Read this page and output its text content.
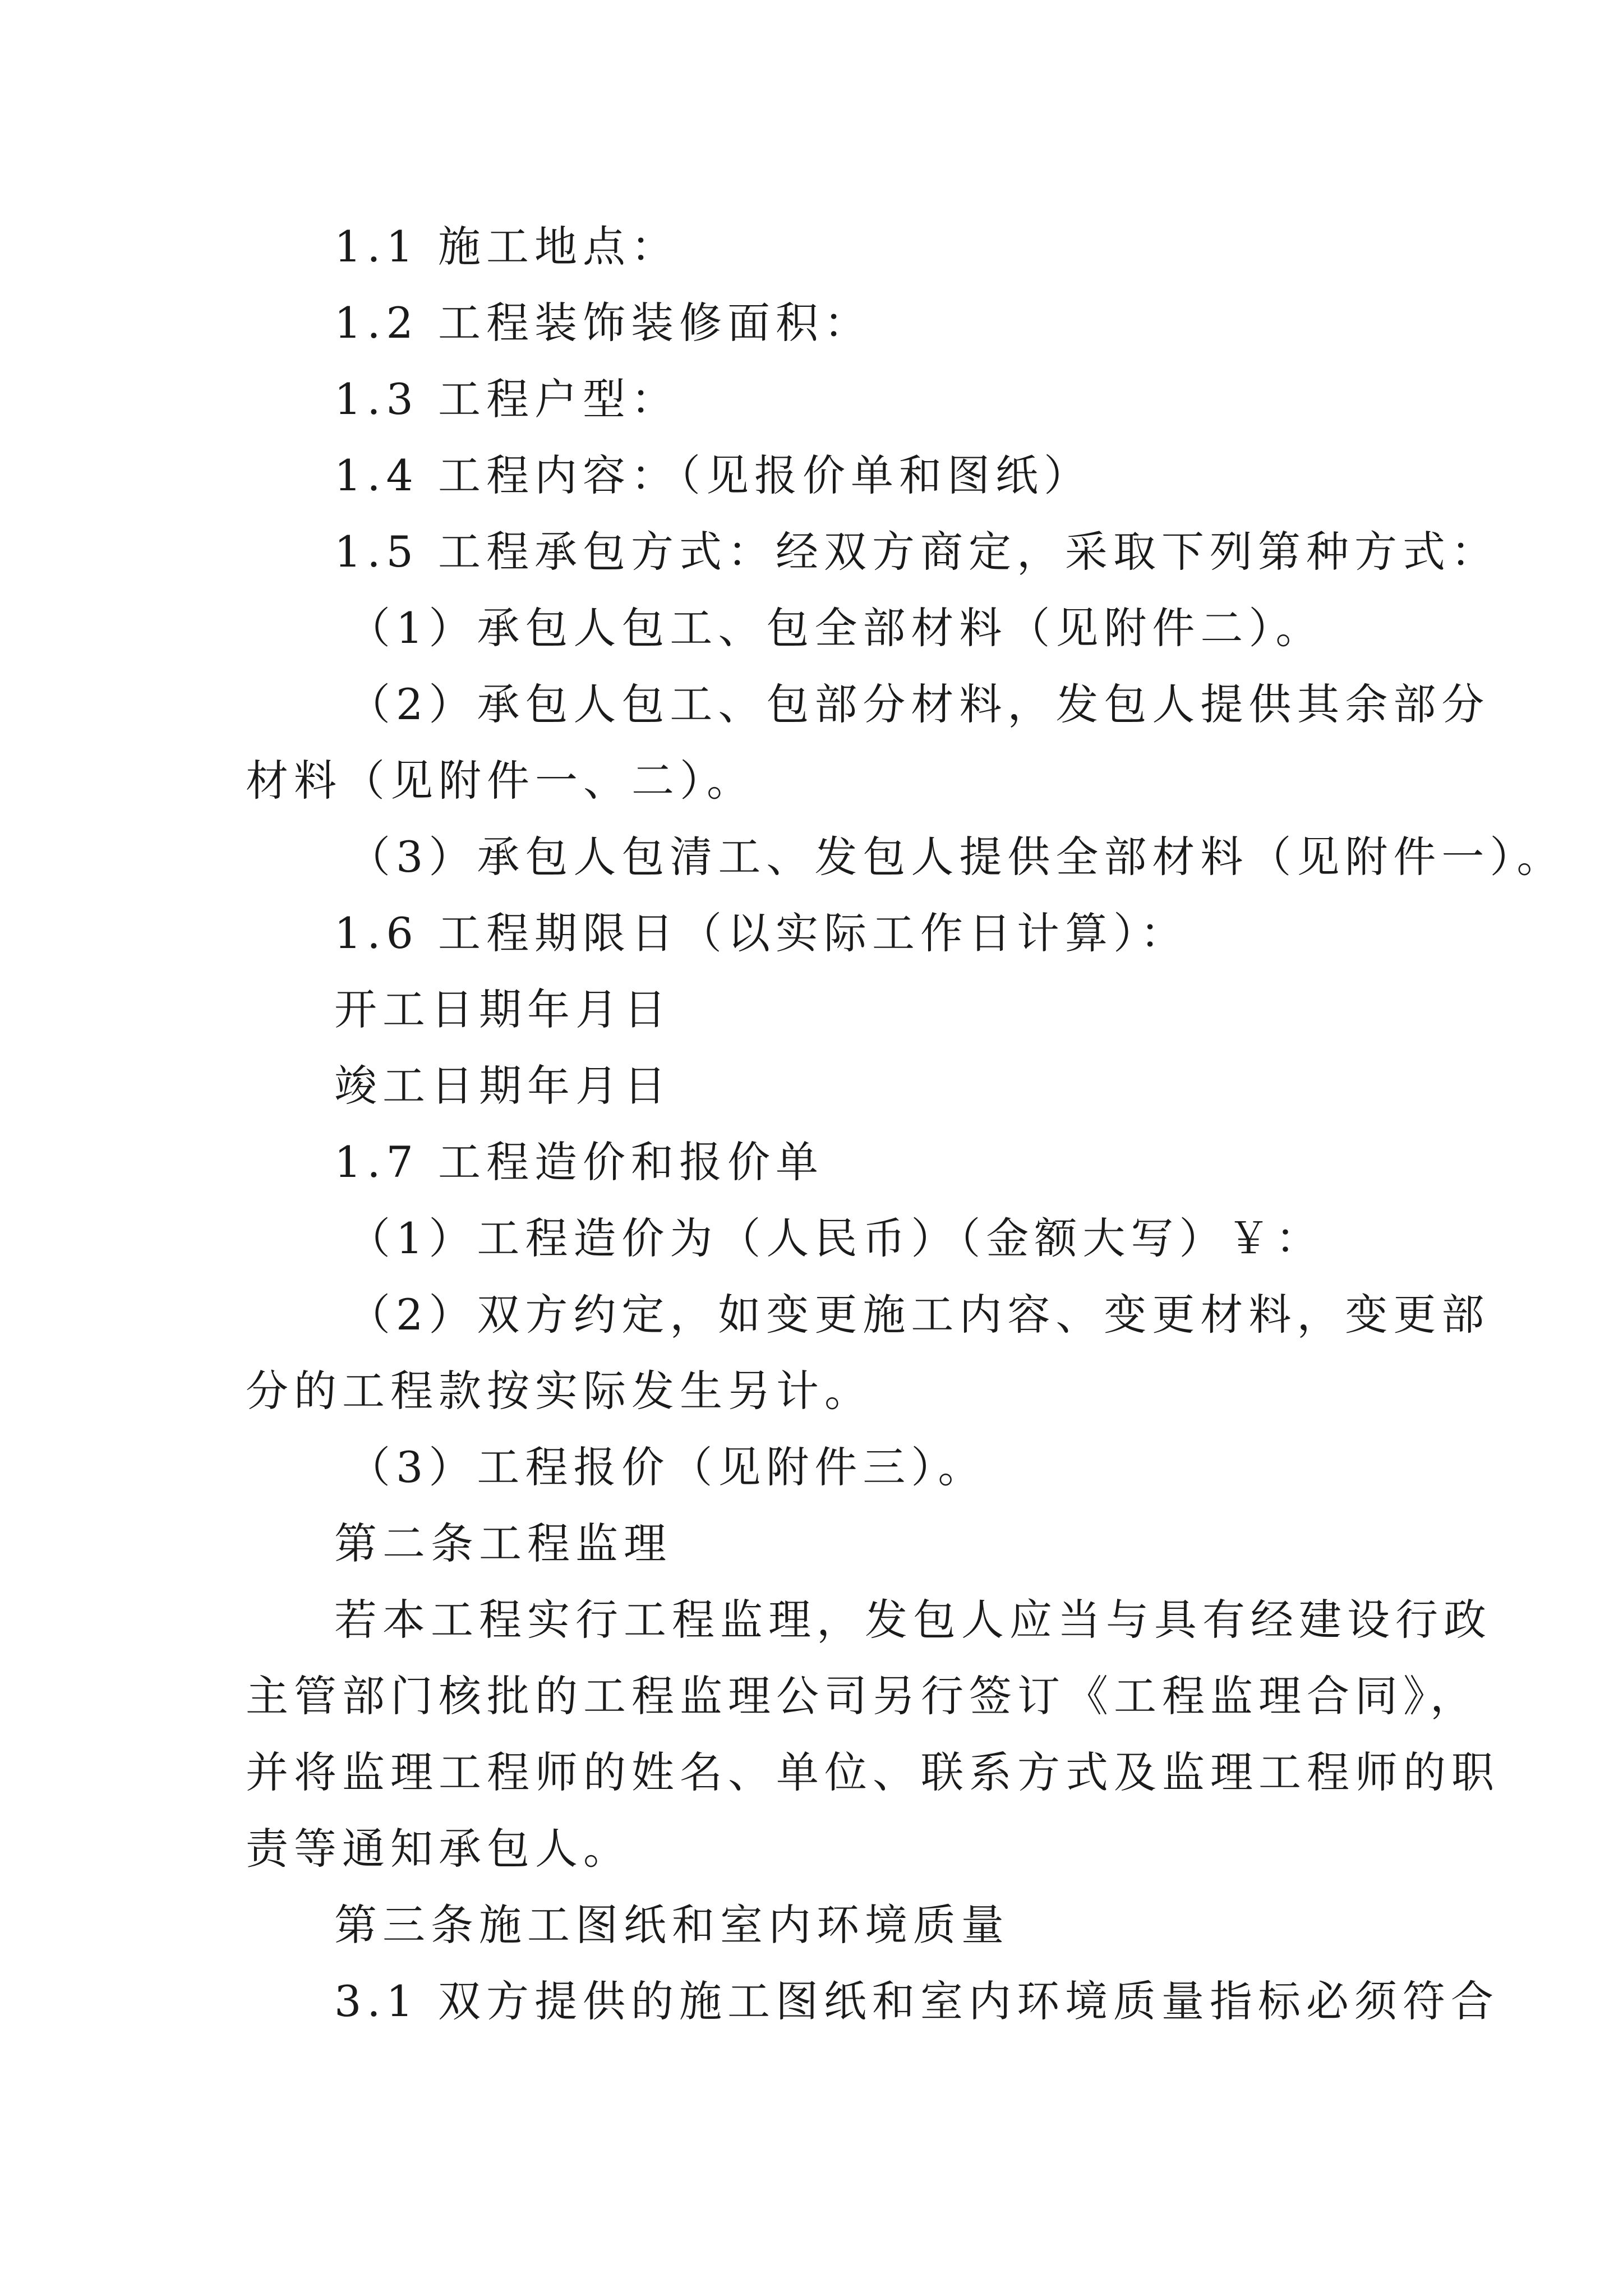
1.1 施工地点：

1.2 工程装饰装修面积：

1.3 工程户型：

1.4 工程内容：（见报价单和图纸）

1.5 工程承包方式：经双方商定，采取下列第种方式：

（1）承包人包工、包全部材料（见附件二）。

（2）承包人包工、包部分材料，发包人提供其余部分

材料（见附件一、二）。

（3）承包人包清工、发包人提供全部材料（见附件一）。

1.6 工程期限日（以实际工作日计算）：

开工日期年月日

竣工日期年月日

1.7 工程造价和报价单

（1）工程造价为（人民币）（金额大写）￥：

（2）双方约定，如变更施工内容、变更材料，变更部

分的工程款按实际发生另计。

（3）工程报价（见附件三）。

第二条工程监理

若本工程实行工程监理，发包人应当与具有经建设行政

主管部门核批的工程监理公司另行签订《工程监理合同》，

并将监理工程师的姓名、单位、联系方式及监理工程师的职

责等通知承包人。

第三条施工图纸和室内环境质量

3.1 双方提供的施工图纸和室内环境质量指标必须符合
